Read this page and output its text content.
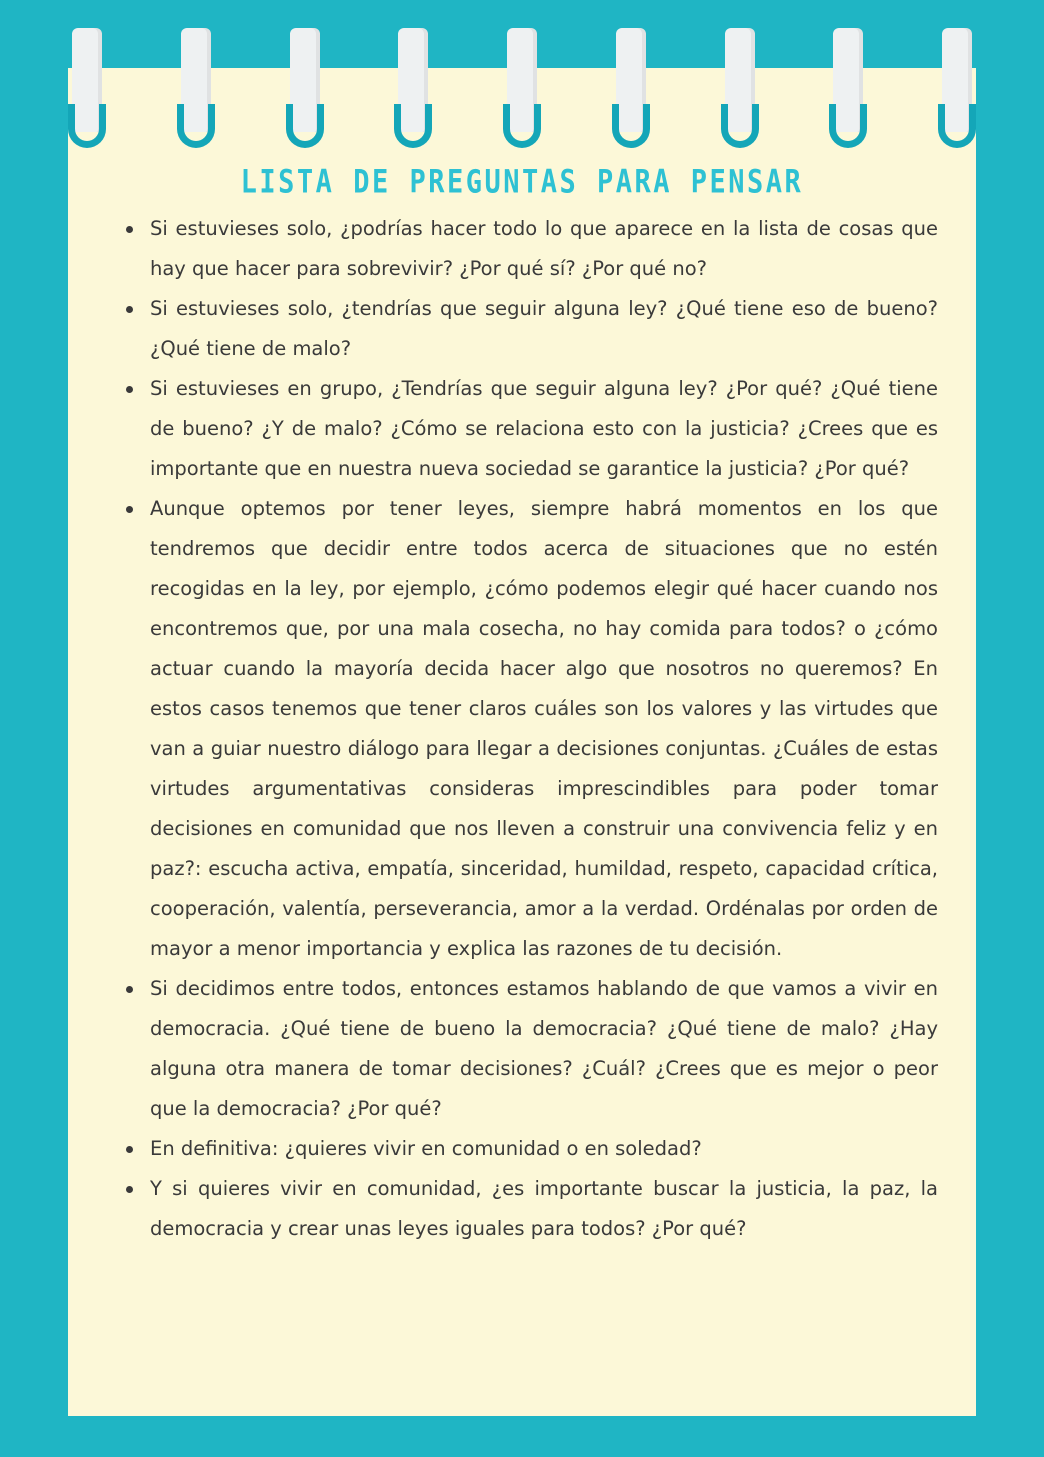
LISTA DE PREGUNTAS PARA PENSAR
Si estuvieses solo, ¿podrías hacer todo lo que aparece en la lista de cosas que hay que hacer para sobrevivir? ¿Por qué sí? ¿Por qué no?
Si estuvieses solo, ¿tendrías que seguir alguna ley? ¿Qué tiene eso de bueno? ¿Qué tiene de malo?
Si estuvieses en grupo, ¿Tendrías que seguir alguna ley? ¿Por qué? ¿Qué tiene de bueno? ¿Y de malo? ¿Cómo se relaciona esto con la justicia? ¿Crees que es importante que en nuestra nueva sociedad se garantice la justicia? ¿Por qué?
Aunque optemos por tener leyes, siempre habrá momentos en los que tendremos que decidir entre todos acerca de situaciones que no estén recogidas en la ley, por ejemplo, ¿cómo podemos elegir qué hacer cuando nos encontremos que, por una mala cosecha, no hay comida para todos? o ¿cómo actuar cuando la mayoría decida hacer algo que nosotros no queremos? En estos casos tenemos que tener claros cuáles son los valores y las virtudes que van a guiar nuestro diálogo para llegar a decisiones conjuntas. ¿Cuáles de estas virtudes argumentativas consideras imprescindibles para poder tomar decisiones en comunidad que nos lleven a construir una convivencia feliz y en paz?: escucha activa, empatía, sinceridad, humildad, respeto, capacidad crítica, cooperación, valentía, perseverancia, amor a la verdad. Ordénalas por orden de mayor a menor importancia y explica las razones de tu decisión.
Si decidimos entre todos, entonces estamos hablando de que vamos a vivir en democracia. ¿Qué tiene de bueno la democracia? ¿Qué tiene de malo? ¿Hay alguna otra manera de tomar decisiones? ¿Cuál? ¿Crees que es mejor o peor que la democracia? ¿Por qué?
En definitiva: ¿quieres vivir en comunidad o en soledad?
Y si quieres vivir en comunidad, ¿es importante buscar la justicia, la paz, la democracia y crear unas leyes iguales para todos? ¿Por qué?
